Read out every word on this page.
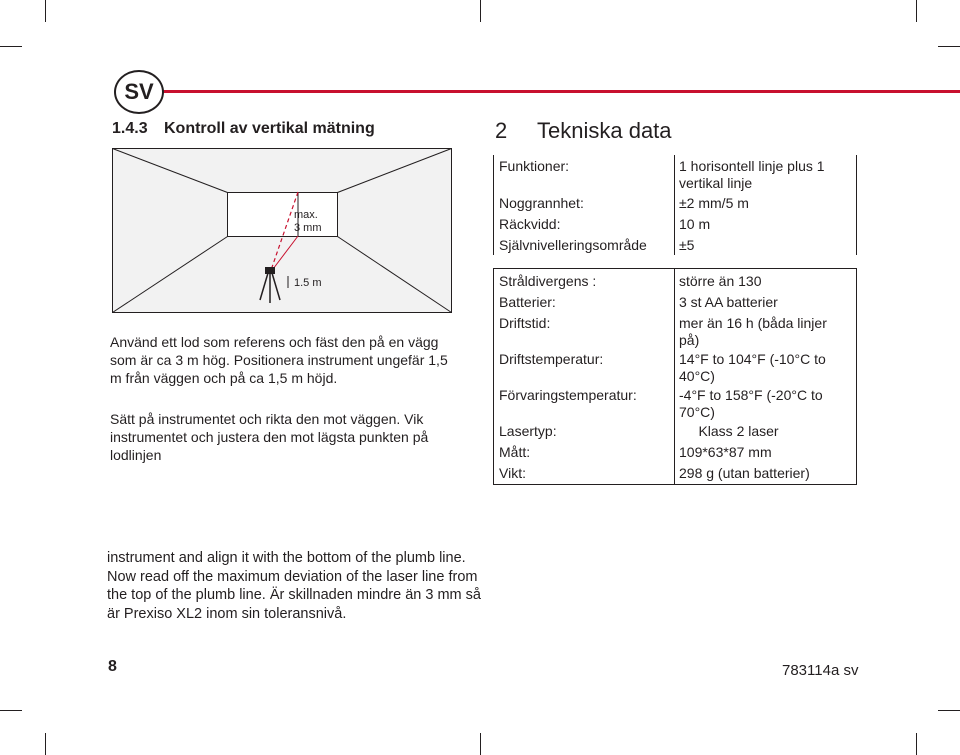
SV
1.4.3 Kontroll av vertikal mätning
max.
3 mm
1.5 m
Använd ett lod som referens och fäst den på en vägg som är ca 3 m hög. Positionera instrument ungefär 1,5 m från väggen och på ca 1,5 m höjd.
Sätt på instrumentet och rikta den mot väggen. Vik instrumentet och justera den mot lägsta punkten på lodlinjen
instrument and align it with the bottom of the plumb line. Now read off the maximum deviation of the laser line from the top of the plumb line. Är skillnaden mindre än 3 mm så är Prexiso XL2 inom sin toleransnivå.
2 Tekniska data
Funktioner:	1 horisontell linje plus 1 vertikal linje
Noggrannhet:	±2 mm/5 m
Räckvidd:	10 m
Självnivelleringsområde ±5
Stråldivergens :	större än 130
Batterier:	3 st AA batterier
Driftstid:	mer än 16 h (båda linjer på)
Driftstemperatur:	14°F to 104°F (-10°C to 40°C)
Förvaringstemperatur:	-4°F to 158°F (-20°C to 70°C)
Lasertyp:	Klass 2 laser
Mått:	109*63*87 mm
Vikt:	298 g (utan batterier)
8	783114a sv
